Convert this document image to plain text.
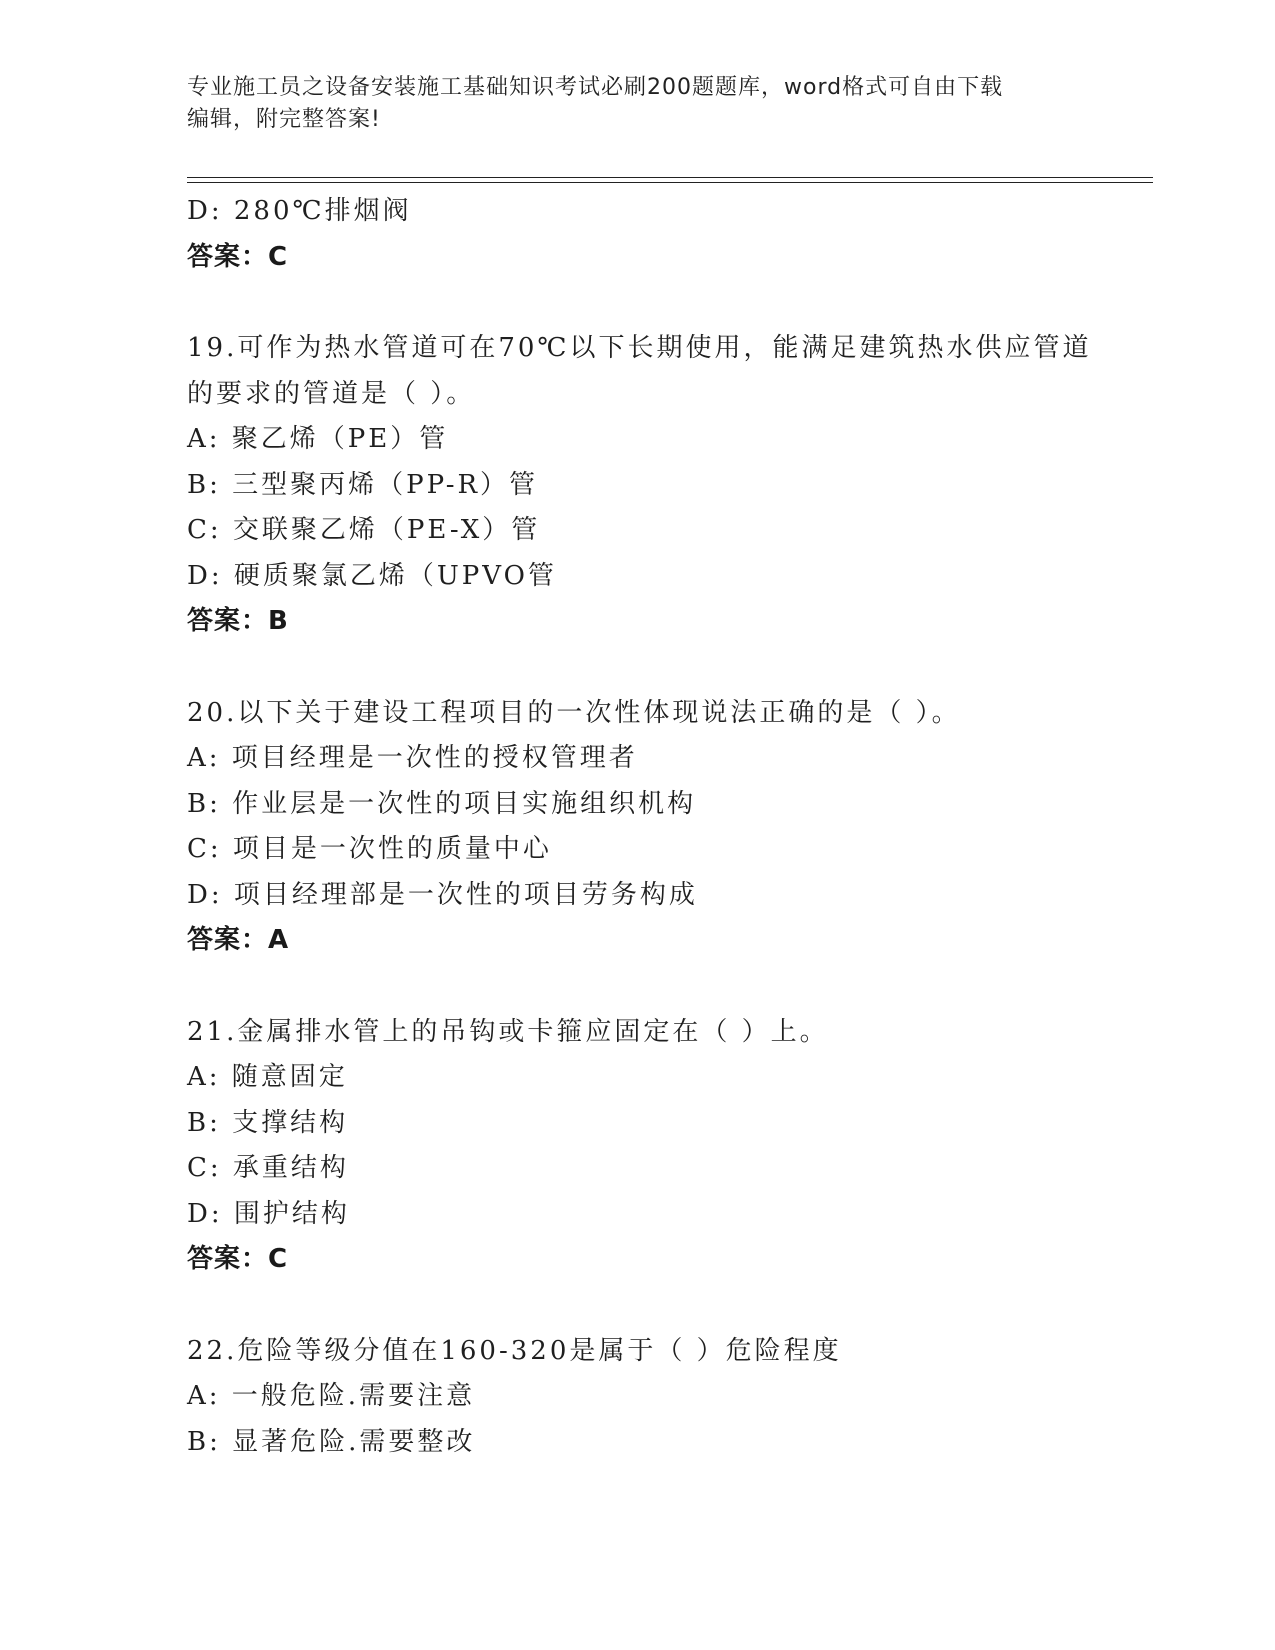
专业施工员之设备安装施工基础知识考试必刷200题题库，word格式可自由下载
编辑，附完整答案!
D: 280℃排烟阀
答案：C
19.可作为热水管道可在70℃以下长期使用，能满足建筑热水供应管道
的要求的管道是（ ）。
A: 聚乙烯（PE）管
B: 三型聚丙烯（PP-R）管
C: 交联聚乙烯（PE-X）管
D: 硬质聚氯乙烯（UPVO管
答案：B
20.以下关于建设工程项目的一次性体现说法正确的是（ ）。
A: 项目经理是一次性的授权管理者
B: 作业层是一次性的项目实施组织机构
C: 项目是一次性的质量中心
D: 项目经理部是一次性的项目劳务构成
答案：A
21.金属排水管上的吊钩或卡箍应固定在（ ）上。
A: 随意固定
B: 支撑结构
C: 承重结构
D: 围护结构
答案：C
22.危险等级分值在160-320是属于（ ）危险程度
A: 一般危险.需要注意
B: 显著危险.需要整改
